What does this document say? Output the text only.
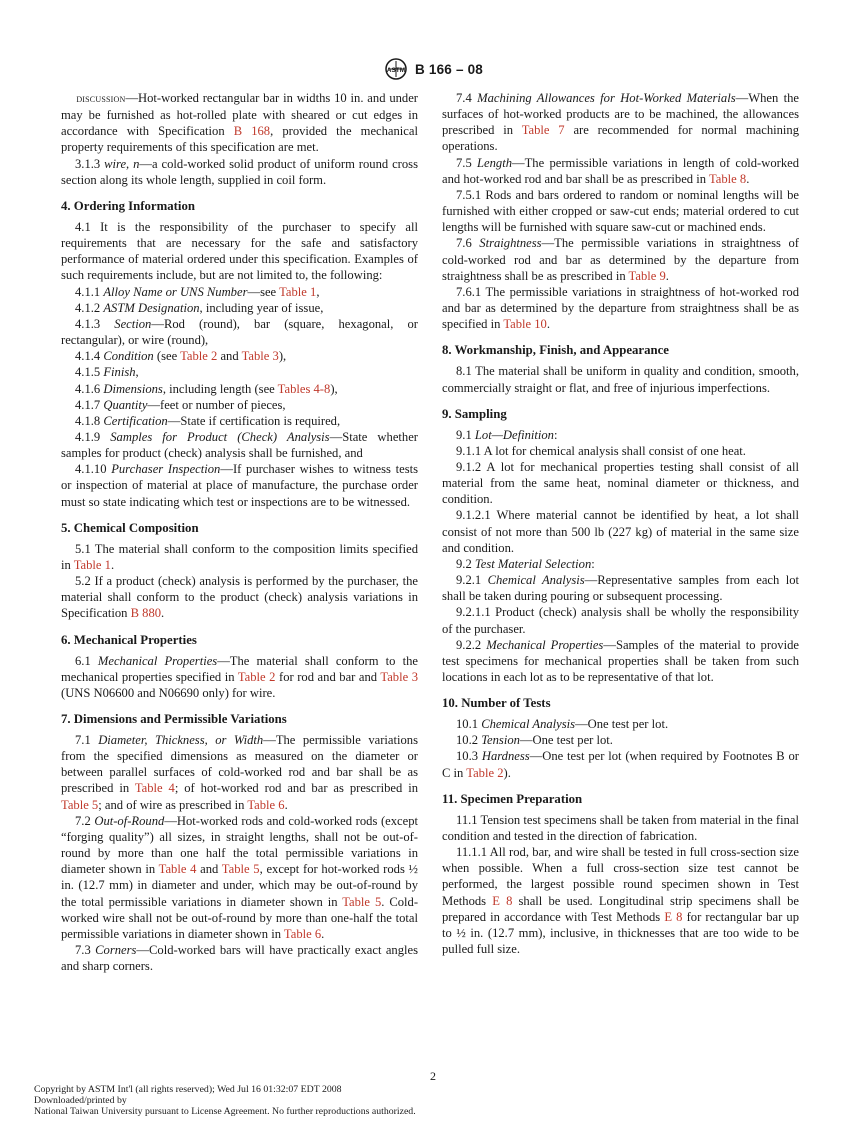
ASTM B 166 – 08

discussion—Hot-worked rectangular bar in widths 10 in. and under may be furnished as hot-rolled plate with sheared or cut edges in accordance with Specification B 168, provided the mechanical property requirements of this specification are met.

3.1.3 wire, n—a cold-worked solid product of uniform round cross section along its whole length, supplied in coil form.

4. Ordering Information

4.1 It is the responsibility of the purchaser to specify all requirements that are necessary for the safe and satisfactory performance of material ordered under this specification. Examples of such requirements include, but are not limited to, the following:

4.1.1 Alloy Name or UNS Number—see Table 1,

4.1.2 ASTM Designation, including year of issue,

4.1.3 Section—Rod (round), bar (square, hexagonal, or rectangular), or wire (round),

4.1.4 Condition (see Table 2 and Table 3),

4.1.5 Finish,

4.1.6 Dimensions, including length (see Tables 4-8),

4.1.7 Quantity—feet or number of pieces,

4.1.8 Certification—State if certification is required,

4.1.9 Samples for Product (Check) Analysis—State whether samples for product (check) analysis shall be furnished, and

4.1.10 Purchaser Inspection—If purchaser wishes to witness tests or inspection of material at place of manufacture, the purchase order must so state indicating which test or inspections are to be witnessed.

5. Chemical Composition

5.1 The material shall conform to the composition limits specified in Table 1.

5.2 If a product (check) analysis is performed by the purchaser, the material shall conform to the product (check) analysis variations in Specification B 880.

6. Mechanical Properties

6.1 Mechanical Properties—The material shall conform to the mechanical properties specified in Table 2 for rod and bar and Table 3 (UNS N06600 and N06690 only) for wire.

7. Dimensions and Permissible Variations

7.1 Diameter, Thickness, or Width—The permissible variations from the specified dimensions as measured on the diameter or between parallel surfaces of cold-worked rod and bar shall be as prescribed in Table 4; of hot-worked rod and bar as prescribed in Table 5; and of wire as prescribed in Table 6.

7.2 Out-of-Round—Hot-worked rods and cold-worked rods (except “forging quality”) all sizes, in straight lengths, shall not be out-of-round by more than one half the total permissible variations in diameter shown in Table 4 and Table 5, except for hot-worked rods ½ in. (12.7 mm) in diameter and under, which may be out-of-round by the total permissible variations in diameter shown in Table 5. Cold-worked wire shall not be out-of-round by more than one-half the total permissible variations in diameter shown in Table 6.

7.3 Corners—Cold-worked bars will have practically exact angles and sharp corners.

7.4 Machining Allowances for Hot-Worked Materials—When the surfaces of hot-worked products are to be machined, the allowances prescribed in Table 7 are recommended for normal machining operations.

7.5 Length—The permissible variations in length of cold-worked and hot-worked rod and bar shall be as prescribed in Table 8.

7.5.1 Rods and bars ordered to random or nominal lengths will be furnished with either cropped or saw-cut ends; material ordered to cut lengths will be furnished with square saw-cut or machined ends.

7.6 Straightness—The permissible variations in straightness of cold-worked rod and bar as determined by the departure from straightness shall be as prescribed in Table 9.

7.6.1 The permissible variations in straightness of hot-worked rod and bar as determined by the departure from straightness shall be as specified in Table 10.

8. Workmanship, Finish, and Appearance

8.1 The material shall be uniform in quality and condition, smooth, commercially straight or flat, and free of injurious imperfections.

9. Sampling

9.1 Lot—Definition:

9.1.1 A lot for chemical analysis shall consist of one heat.

9.1.2 A lot for mechanical properties testing shall consist of all material from the same heat, nominal diameter or thickness, and condition.

9.1.2.1 Where material cannot be identified by heat, a lot shall consist of not more than 500 lb (227 kg) of material in the same size and condition.

9.2 Test Material Selection:

9.2.1 Chemical Analysis—Representative samples from each lot shall be taken during pouring or subsequent processing.

9.2.1.1 Product (check) analysis shall be wholly the responsibility of the purchaser.

9.2.2 Mechanical Properties—Samples of the material to provide test specimens for mechanical properties shall be taken from such locations in each lot as to be representative of that lot.

10. Number of Tests

10.1 Chemical Analysis—One test per lot.

10.2 Tension—One test per lot.

10.3 Hardness—One test per lot (when required by Footnotes B or C in Table 2).

11. Specimen Preparation

11.1 Tension test specimens shall be taken from material in the final condition and tested in the direction of fabrication.

11.1.1 All rod, bar, and wire shall be tested in full cross-section size when possible. When a full cross-section size test cannot be performed, the largest possible round specimen shown in Test Methods E 8 shall be used. Longitudinal strip specimens shall be prepared in accordance with Test Methods E 8 for rectangular bar up to ½ in. (12.7 mm), inclusive, in thicknesses that are too wide to be pulled full size.

2
Copyright by ASTM Int'l (all rights reserved); Wed Jul 16 01:32:07 EDT 2008
Downloaded/printed by
National Taiwan University pursuant to License Agreement. No further reproductions authorized.
